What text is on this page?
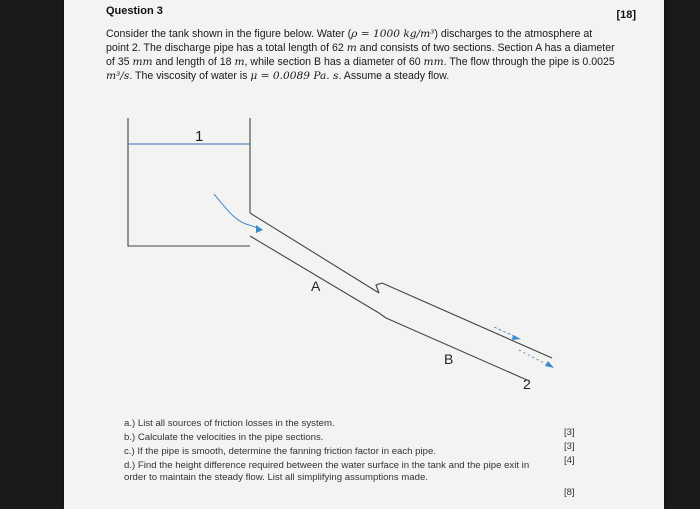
Question 3	[18]
Consider the tank shown in the figure below. Water (ρ = 1000 kg/m³) discharges to the atmosphere at point 2. The discharge pipe has a total length of 62 m and consists of two sections. Section A has a diameter of 35 mm and length of 18 m, while section B has a diameter of 60 mm. The flow through the pipe is 0.0025 m³/s. The viscosity of water is μ = 0.0089 Pa. s. Assume a steady flow.
1
A
B
2
a.) List all sources of friction losses in the system.
[3]
b.) Calculate the velocities in the pipe sections.
[3]
c.) If the pipe is smooth, determine the fanning friction factor in each pipe.
[4]
d.) Find the height difference required between the water surface in the tank and the pipe exit in order to maintain the steady flow. List all simplifying assumptions made.
[8]
